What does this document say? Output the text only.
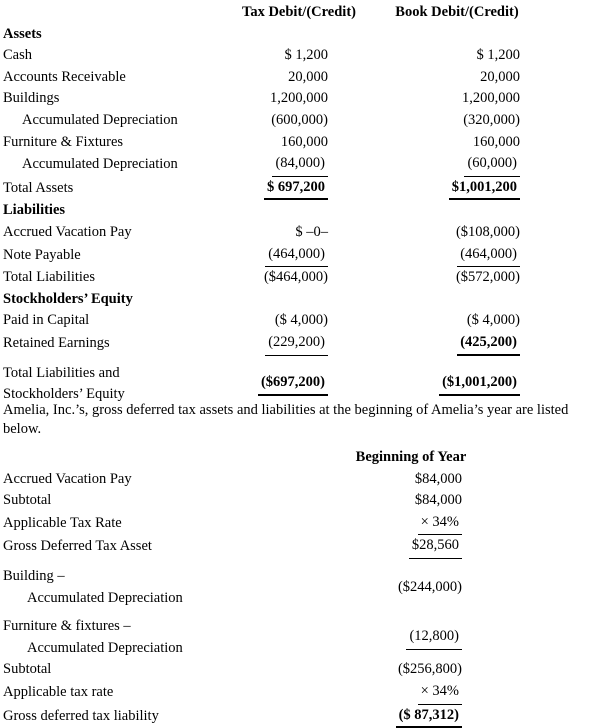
	Tax Debit/(Credit)	Book Debit/(Credit)
Assets		
Cash	$ 1,200	$ 1,200
Accounts Receivable	20,000	20,000
Buildings	1,200,000	1,200,000
Accumulated Depreciation	(600,000)	(320,000)
Furniture & Fixtures	160,000	160,000
Accumulated Depreciation	(84,000)	(60,000)
Total Assets	$ 697,200	$1,001,200
Liabilities		
Accrued Vacation Pay	$ –0–	($108,000)
Note Payable	(464,000)	(464,000)
Total Liabilities	($464,000)	($572,000)
Stockholders’ Equity		
Paid in Capital	($ 4,000)	($ 4,000)
Retained Earnings	(229,200)	(425,200)
Total Liabilities and
Stockholders’ Equity	($697,200)	($1,001,200)
Amelia, Inc.’s, gross deferred tax assets and liabilities at the beginning of Amelia’s year are listed below.
	Beginning of Year
Accrued Vacation Pay	$84,000
Subtotal	$84,000
Applicable Tax Rate	× 34%
Gross Deferred Tax Asset	$28,560
Building –
Accumulated Depreciation	($244,000)
Furniture & fixtures –
Accumulated Depreciation	(12,800)
Subtotal	($256,800)
Applicable tax rate	× 34%
Gross deferred tax liability	($ 87,312)
